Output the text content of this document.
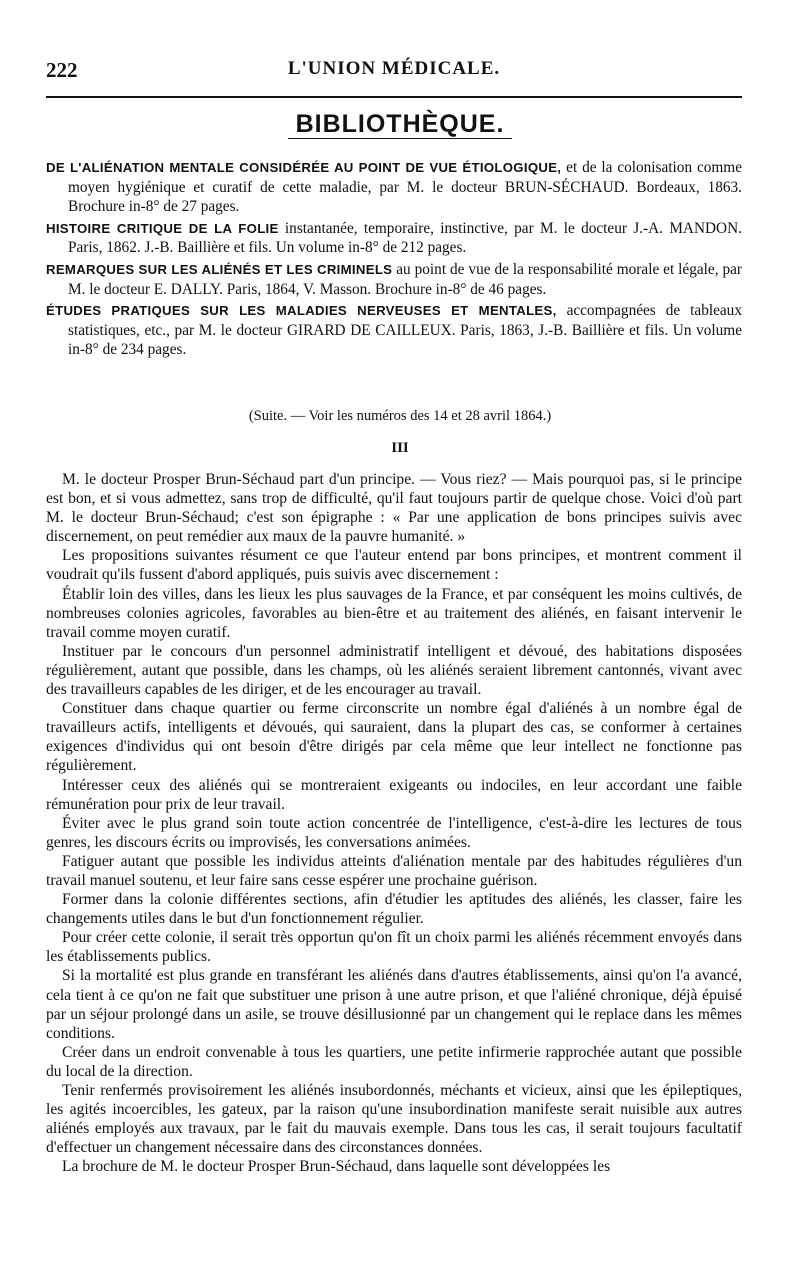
222	L'UNION MÉDICALE.
BIBLIOTHÈQUE.

DE L'ALIÉNATION MENTALE CONSIDÉRÉE AU POINT DE VUE ÉTIOLOGIQUE, et de la colonisation comme moyen hygiénique et curatif de cette maladie, par M. le docteur BRUN-SÉCHAUD. Bordeaux, 1863. Brochure in-8° de 27 pages.

HISTOIRE CRITIQUE DE LA FOLIE instantanée, temporaire, instinctive, par M. le docteur J.-A. MANDON. Paris, 1862. J.-B. Baillière et fils. Un volume in-8° de 212 pages.

REMARQUES SUR LES ALIÉNÉS ET LES CRIMINELS au point de vue de la responsabilité morale et légale, par M. le docteur E. DALLY. Paris, 1864, V. Masson. Brochure in-8° de 46 pages.

ÉTUDES PRATIQUES SUR LES MALADIES NERVEUSES ET MENTALES, accompagnées de tableaux statistiques, etc., par M. le docteur GIRARD DE CAILLEUX. Paris, 1863, J.-B. Baillière et fils. Un volume in-8° de 234 pages.

(Suite. — Voir les numéros des 14 et 28 avril 1864.)
III

M. le docteur Prosper Brun-Séchaud part d'un principe. — Vous riez? — Mais pourquoi pas, si le principe est bon, et si vous admettez, sans trop de difficulté, qu'il faut toujours partir de quelque chose. Voici d'où part M. le docteur Brun-Séchaud; c'est son épigraphe : « Par une application de bons principes suivis avec discernement, on peut remédier aux maux de la pauvre humanité. »

Les propositions suivantes résument ce que l'auteur entend par bons principes, et montrent comment il voudrait qu'ils fussent d'abord appliqués, puis suivis avec discernement :

Établir loin des villes, dans les lieux les plus sauvages de la France, et par conséquent les moins cultivés, de nombreuses colonies agricoles, favorables au bien-être et au traitement des aliénés, en faisant intervenir le travail comme moyen curatif.

Instituer par le concours d'un personnel administratif intelligent et dévoué, des habitations disposées régulièrement, autant que possible, dans les champs, où les aliénés seraient librement cantonnés, vivant avec des travailleurs capables de les diriger, et de les encourager au travail.

Constituer dans chaque quartier ou ferme circonscrite un nombre égal d'aliénés à un nombre égal de travailleurs actifs, intelligents et dévoués, qui sauraient, dans la plupart des cas, se conformer à certaines exigences d'individus qui ont besoin d'être dirigés par cela même que leur intellect ne fonctionne pas régulièrement.

Intéresser ceux des aliénés qui se montreraient exigeants ou indociles, en leur accordant une faible rémunération pour prix de leur travail.

Éviter avec le plus grand soin toute action concentrée de l'intelligence, c'est-à-dire les lectures de tous genres, les discours écrits ou improvisés, les conversations animées.

Fatiguer autant que possible les individus atteints d'aliénation mentale par des habitudes régulières d'un travail manuel soutenu, et leur faire sans cesse espérer une prochaine guérison.

Former dans la colonie différentes sections, afin d'étudier les aptitudes des aliénés, les classer, faire les changements utiles dans le but d'un fonctionnement régulier.

Pour créer cette colonie, il serait très opportun qu'on fît un choix parmi les aliénés récemment envoyés dans les établissements publics.

Si la mortalité est plus grande en transférant les aliénés dans d'autres établissements, ainsi qu'on l'a avancé, cela tient à ce qu'on ne fait que substituer une prison à une autre prison, et que l'aliéné chronique, déjà épuisé par un séjour prolongé dans un asile, se trouve désillusionné par un changement qui le replace dans les mêmes conditions.

Créer dans un endroit convenable à tous les quartiers, une petite infirmerie rapprochée autant que possible du local de la direction.

Tenir renfermés provisoirement les aliénés insubordonnés, méchants et vicieux, ainsi que les épileptiques, les agités incoercibles, les gateux, par la raison qu'une insubordination manifeste serait nuisible aux autres aliénés employés aux travaux, par le fait du mauvais exemple. Dans tous les cas, il serait toujours facultatif d'effectuer un changement nécessaire dans des circonstances données.

La brochure de M. le docteur Prosper Brun-Séchaud, dans laquelle sont développées les
